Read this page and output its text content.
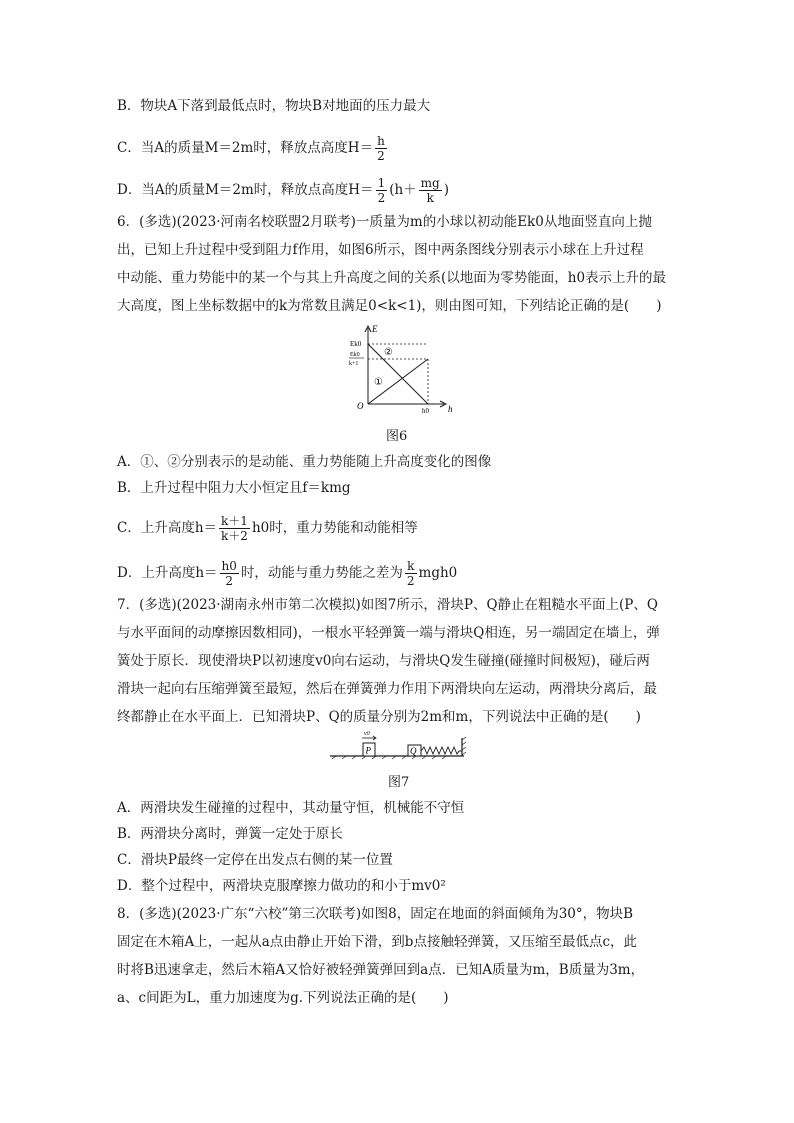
B．物块A下落到最低点时，物块B对地面的压力最大
C．当A的质量M＝2m时，释放点高度$H= \frac{h}{2}$
D．当A的质量M＝2m时，释放点高度$H= \frac{1}{2} (h+ \frac{mg}{k}$ )
6．(多选)(2023·河南名校联盟2月联考)一质量为m的小球以初动能Ek0从地面竖直向上抛
出，已知上升过程中受到阻力f作用，如图6所示，图中两条图线分别表示小球在上升过程
中动能、重力势能中的某一个与其上升高度之间的关系(以地面为零势能面，h0表示上升的最
大高度，图上坐标数据中的k为常数且满足0<k<1)，则由图可知，下列结论正确的是(　　)
E
h
O
Ek0
Ek0
k+1
h0
①
②
图6
A．①、②分别表示的是动能、重力势能随上升高度变化的图像
B．上升过程中阻力大小恒定且f＝kmg
C．上升高度$h= \frac{k+1}{k+2} h0$时，重力势能和动能相等
D．上升高度$h= \frac{h0}{2}$ 时，动能与重力势能之差为 $\frac{k}{2} mgh0$
7．(多选)(2023·湖南永州市第二次模拟)如图7所示，滑块P、Q静止在粗糙水平面上(P、Q
与水平面间的动摩擦因数相同)，一根水平轻弹簧一端与滑块Q相连，另一端固定在墙上，弹
簧处于原长．现使滑块P以初速度v0向右运动，与滑块Q发生碰撞(碰撞时间极短)，碰后两
滑块一起向右压缩弹簧至最短，然后在弹簧弹力作用下两滑块向左运动，两滑块分离后，最
终都静止在水平面上．已知滑块P、Q的质量分别为2m和m，下列说法中正确的是(　　)
P
v0
Q
图7
A．两滑块发生碰撞的过程中，其动量守恒，机械能不守恒
B．两滑块分离时，弹簧一定处于原长
C．滑块P最终一定停在出发点右侧的某一位置
D．整个过程中，两滑块克服摩擦力做功的和小于mv0²
8．(多选)(2023·广东“六校”第三次联考)如图8，固定在地面的斜面倾角为30°，物块B
固定在木箱A上，一起从a点由静止开始下滑，到b点接触轻弹簧，又压缩至最低点c，此
时将B迅速拿走，然后木箱A又恰好被轻弹簧弹回到a点．已知A质量为m，B质量为3m，
a、c间距为L，重力加速度为g.下列说法正确的是(　　)
